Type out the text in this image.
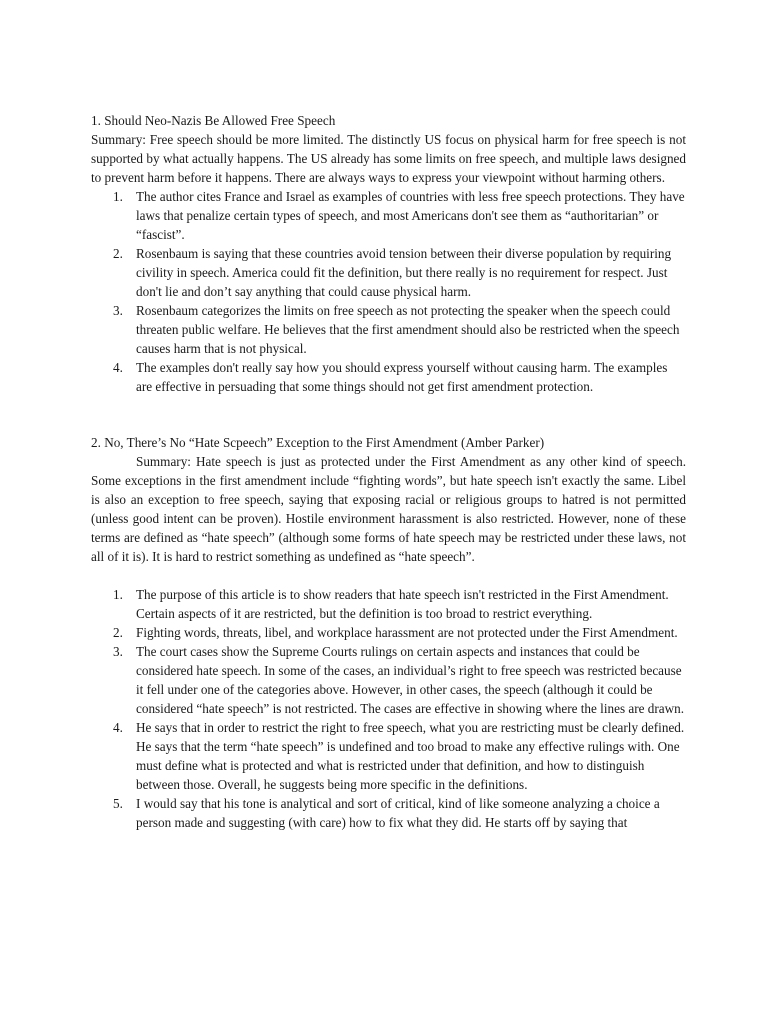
1. Should Neo-Nazis Be Allowed Free Speech

Summary: Free speech should be more limited. The distinctly US focus on physical harm for free speech is not supported by what actually happens. The US already has some limits on free speech, and multiple laws designed to prevent harm before it happens. There are always ways to express your viewpoint without harming others.

1. The author cites France and Israel as examples of countries with less free speech protections. They have laws that penalize certain types of speech, and most Americans don't see them as “authoritarian” or “fascist”.
2. Rosenbaum is saying that these countries avoid tension between their diverse population by requiring civility in speech. America could fit the definition, but there really is no requirement for respect. Just don't lie and don’t say anything that could cause physical harm.
3. Rosenbaum categorizes the limits on free speech as not protecting the speaker when the speech could threaten public welfare. He believes that the first amendment should also be restricted when the speech causes harm that is not physical.
4. The examples don't really say how you should express yourself without causing harm. The examples are effective in persuading that some things should not get first amendment protection.

2. No, There’s No “Hate Scpeech” Exception to the First Amendment (Amber Parker)

Summary: Hate speech is just as protected under the First Amendment as any other kind of speech. Some exceptions in the first amendment include “fighting words”, but hate speech isn't exactly the same. Libel is also an exception to free speech, saying that exposing racial or religious groups to hatred is not permitted (unless good intent can be proven). Hostile environment harassment is also restricted. However, none of these terms are defined as “hate speech” (although some forms of hate speech may be restricted under these laws, not all of it is). It is hard to restrict something as undefined as “hate speech”.

1. The purpose of this article is to show readers that hate speech isn't restricted in the First Amendment. Certain aspects of it are restricted, but the definition is too broad to restrict everything.
2. Fighting words, threats, libel, and workplace harassment are not protected under the First Amendment.
3. The court cases show the Supreme Courts rulings on certain aspects and instances that could be considered hate speech. In some of the cases, an individual’s right to free speech was restricted because it fell under one of the categories above. However, in other cases, the speech (although it could be considered “hate speech” is not restricted. The cases are effective in showing where the lines are drawn.
4. He says that in order to restrict the right to free speech, what you are restricting must be clearly defined. He says that the term “hate speech” is undefined and too broad to make any effective rulings with. One must define what is protected and what is restricted under that definition, and how to distinguish between those. Overall, he suggests being more specific in the definitions.
5. I would say that his tone is analytical and sort of critical, kind of like someone analyzing a choice a person made and suggesting (with care) how to fix what they did. He starts off by saying that
